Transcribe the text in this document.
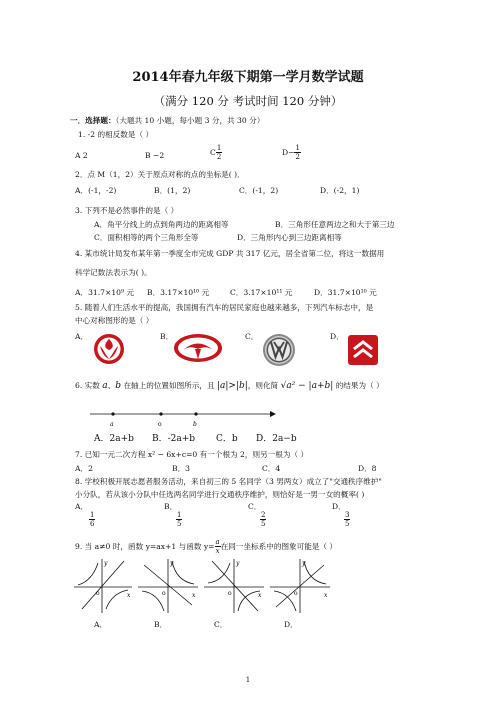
2014年春九年级下期第一学月数学试题
（满分 120 分 考试时间 120 分钟）
一．选择题：（大题共 10 小题，每小题 3 分，共 30 分）
1. -2 的相反数是（ ）
A 2	B −2	C $\frac{1}{2}$	$D- \frac{1}{2}$
2．点 M（1，2）关于原点对称的点的坐标是( )．
A．(-1，-2)	B．(1，2)	C．(-1，2)	D．(-2，1)
3. 下列不是必然事件的是（ ）
A．角平分线上的点到角两边的距离相等	B．三角形任意两边之和大于第三边
C．面积相等的两个三角形全等	D．三角形内心到三边距离相等
4. 某市统计局发布某年第一季度全市完成 GDP 共 317 亿元，居全省第二位，将这一数据用
科学记数法表示为( )。
A．31.7×10⁹ 元 B．3.17×10¹⁰ 元	C．3.17×10¹¹ 元	D．31.7×10¹⁰ 元
5. 随着人们生活水平的提高，我国拥有汽车的居民家庭也越来越多，下列汽车标志中，是
中心对称图形的是（ ）
A．	B．	C．	D．
6. 实数 a、b 在轴上的位置如图所示，且 |a|>|b|，则化简 √a² − |a+b| 的结果为（ ）
a	o	b
A．2a+b B．-2a+b C．b D．2a−b
7. 已知一元二次方程 x² − 6x+c=0 有一个根为 2，则另一根为（ ）
A．2	B．3	C．4	D．8
8. 学校积极开展志愿者服务活动，来自初三的 5 名同学（3 男两女）成立了"交通秩序维护"
小分队，若从该小分队中任选两名同学进行交通秩序维护，则恰好是一男一女的概率( )
A．

$\frac{1}{6}$
B．

$\frac{1}{5}$
C．

$\frac{2}{5}$
D．

$\frac{3}{5}$
9. 当 a≠0 时，函数 y=ax+1 与函数 $y= \frac{a}{x}$ 在同一坐标系中的图象可能是（ ）
x
y
o	x
y
o	x
y
o	x
y
o
A．	B．	C．	D．
1
